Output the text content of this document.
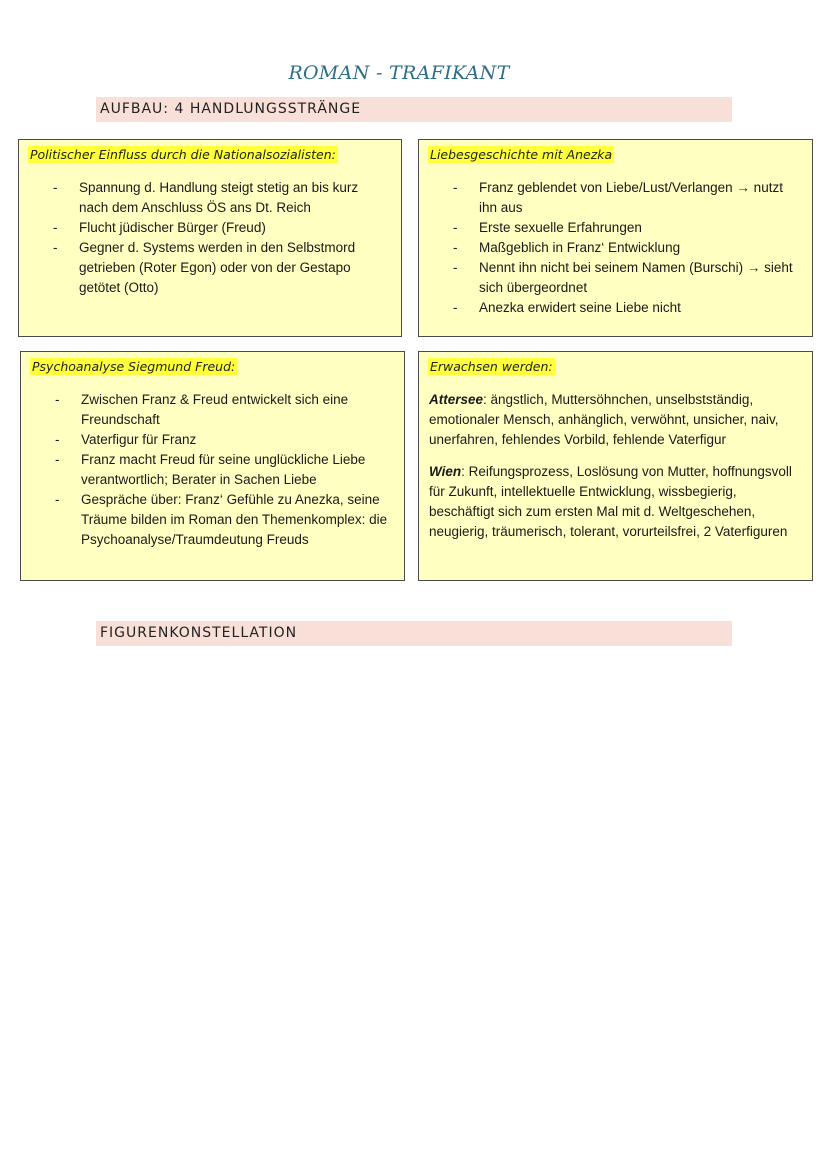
ROMAN - TRAFIKANT
AUFBAU: 4 HANDLUNGSSTRÄNGE
Politischer Einfluss durch die Nationalsozialisten:
- Spannung d. Handlung steigt stetig an bis kurz nach dem Anschluss ÖS ans Dt. Reich
- Flucht jüdischer Bürger (Freud)
- Gegner d. Systems werden in den Selbstmord getrieben (Roter Egon) oder von der Gestapo getötet (Otto)
Liebesgeschichte mit Anezka
- Franz geblendet von Liebe/Lust/Verlangen → nutzt ihn aus
- Erste sexuelle Erfahrungen
- Maßgeblich in Franz‘ Entwicklung
- Nennt ihn nicht bei seinem Namen (Burschi) → sieht sich übergeordnet
- Anezka erwidert seine Liebe nicht
Psychoanalyse Siegmund Freud:
- Zwischen Franz & Freud entwickelt sich eine Freundschaft
- Vaterfigur für Franz
- Franz macht Freud für seine unglückliche Liebe verantwortlich; Berater in Sachen Liebe
- Gespräche über: Franz‘ Gefühle zu Anezka, seine Träume bilden im Roman den Themenkomplex: die Psychoanalyse/Traumdeutung Freuds
Erwachsen werden:

Attersee: ängstlich, Muttersöhnchen, unselbstständig, emotionaler Mensch, anhänglich, verwöhnt, unsicher, naiv, unerfahren, fehlendes Vorbild, fehlende Vaterfigur

Wien: Reifungsprozess, Loslösung von Mutter, hoffnungsvoll für Zukunft, intellektuelle Entwicklung, wissbegierig, beschäftigt sich zum ersten Mal mit d. Weltgeschehen, neugierig, träumerisch, tolerant, vorurteilsfrei, 2 Vaterfiguren

FIGURENKONSTELLATION
